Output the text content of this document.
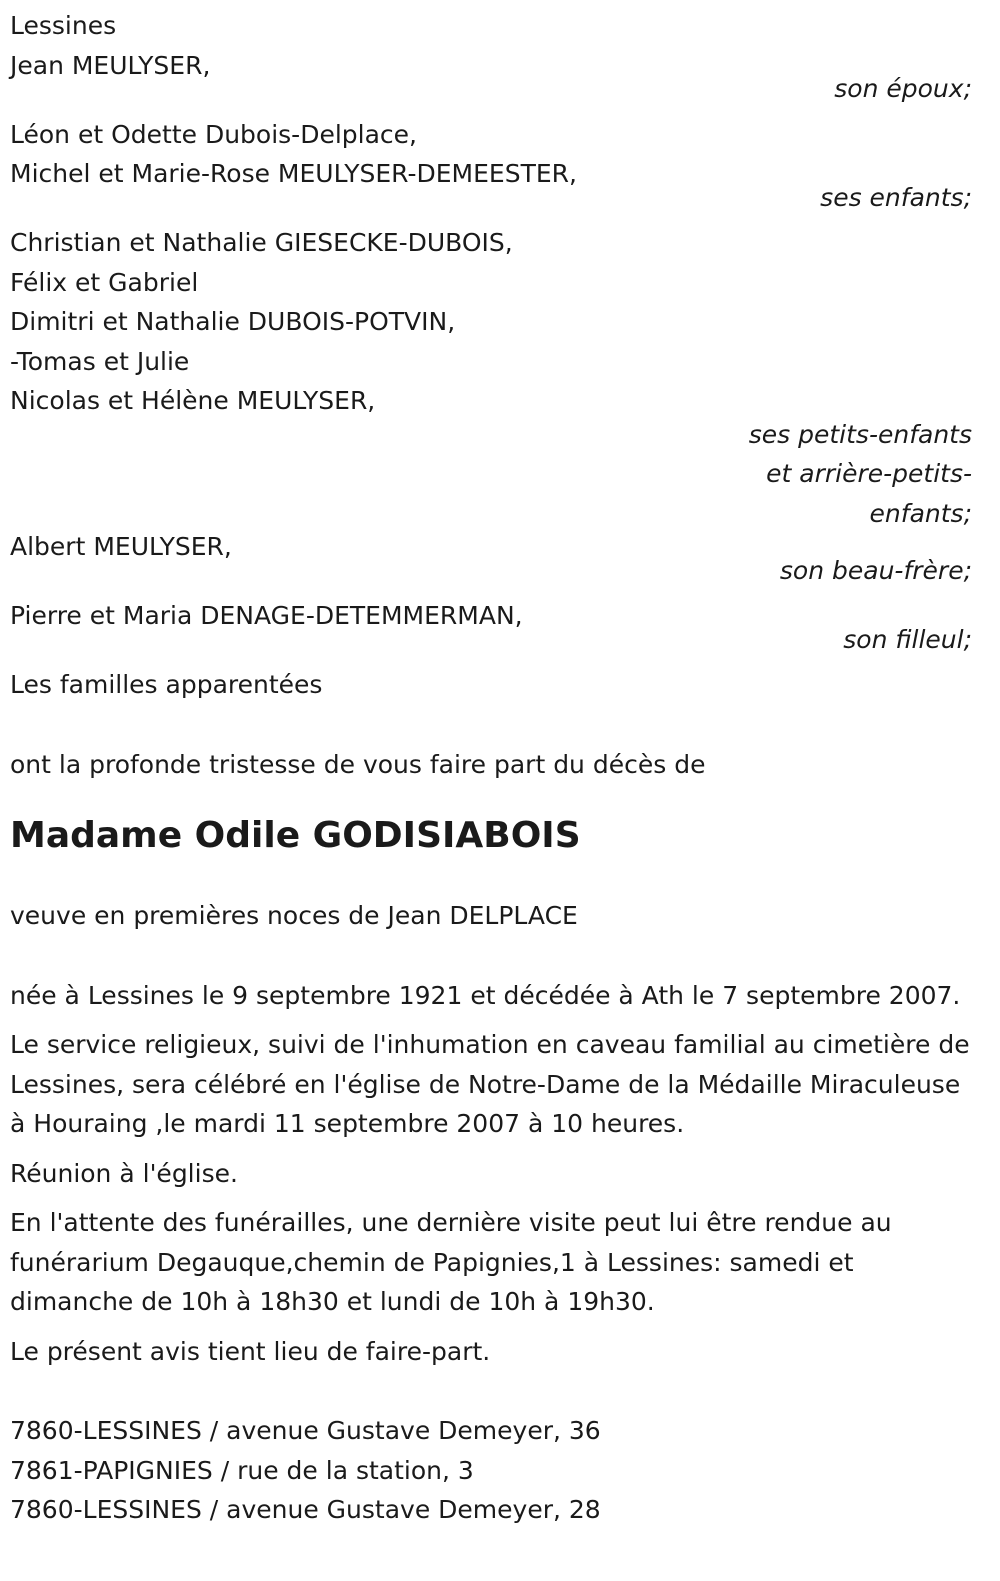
Lessines
Jean MEULYSER,
son époux;
Léon et Odette Dubois-Delplace,
Michel et Marie-Rose MEULYSER-DEMEESTER,
ses enfants;
Christian et Nathalie GIESECKE-DUBOIS,
Félix et Gabriel
Dimitri et Nathalie DUBOIS-POTVIN,
-Tomas et Julie
Nicolas et Hélène MEULYSER,
ses petits-enfants
et arrière-petits-
enfants;
Albert MEULYSER,
son beau-frère;
Pierre et Maria DENAGE-DETEMMERMAN,
son filleul;
Les familles apparentées
ont la profonde tristesse de vous faire part du décès de
Madame Odile GODISIABOIS
veuve en premières noces de Jean DELPLACE

née à Lessines le 9 septembre 1921 et décédée à Ath le 7 septembre 2007.

Le service religieux, suivi de l'inhumation en caveau familial au cimetière de Lessines, sera célébré en l'église de Notre-Dame de la Médaille Miraculeuse à Houraing ,le mardi 11 septembre 2007 à 10 heures.

Réunion à l'église.

En l'attente des funérailles, une dernière visite peut lui être rendue au funérarium Degauque,chemin de Papignies,1 à Lessines: samedi et dimanche de 10h à 18h30 et lundi de 10h à 19h30.

Le présent avis tient lieu de faire-part.

7860-LESSINES / avenue Gustave Demeyer, 36
7861-PAPIGNIES / rue de la station, 3
7860-LESSINES / avenue Gustave Demeyer, 28
